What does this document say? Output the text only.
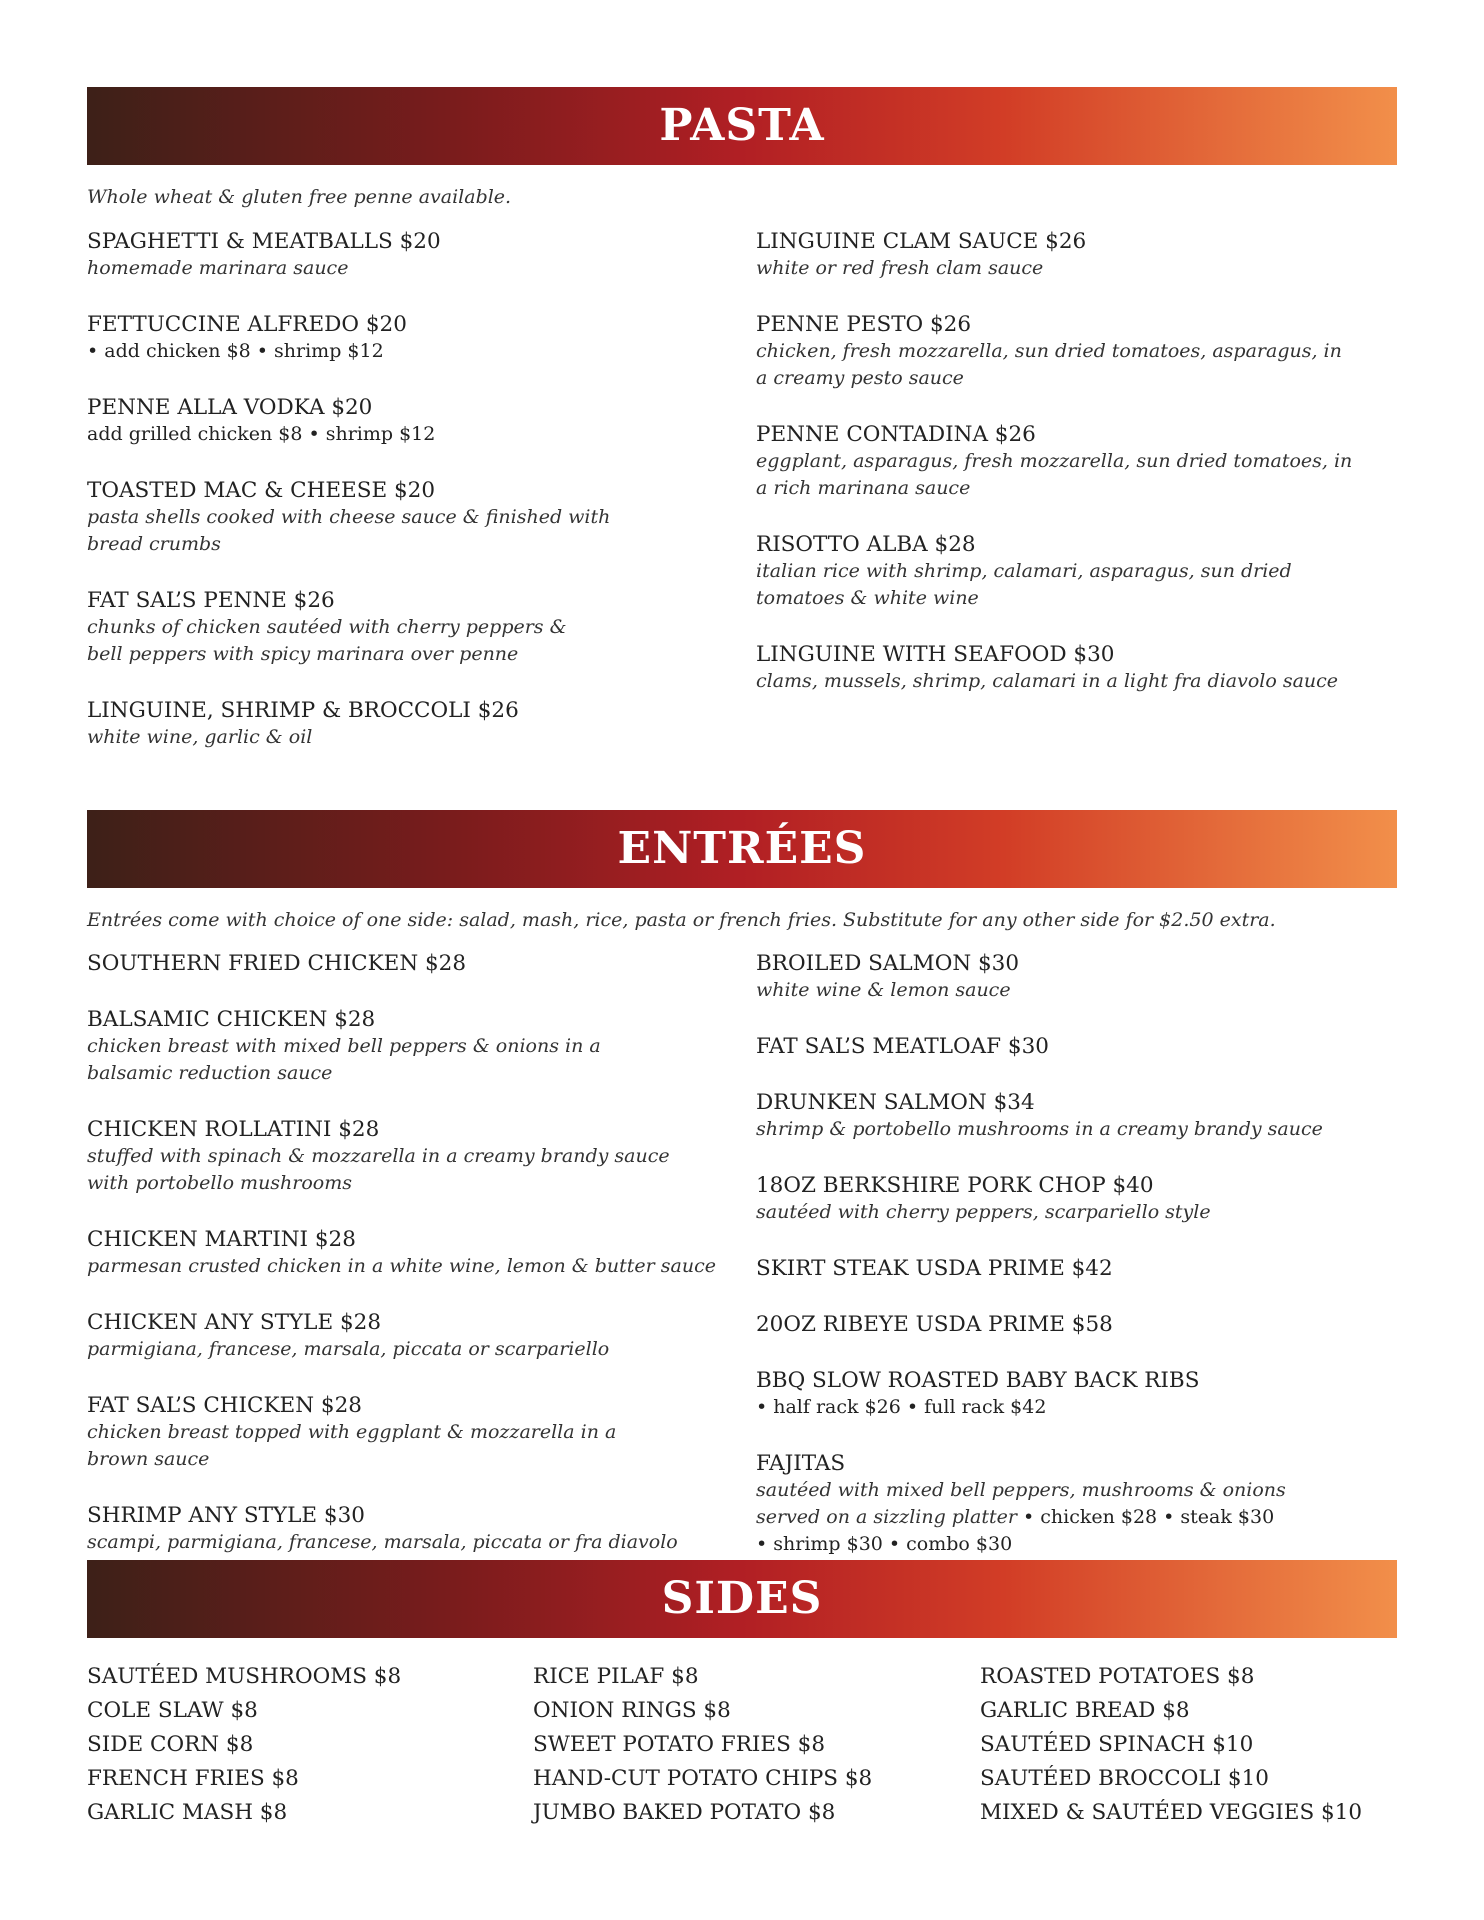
PASTA
Whole wheat & gluten free penne available.
SPAGHETTI & MEATBALLS $20
homemade marinara sauce
FETTUCCINE ALFREDO $20
• add chicken $8 • shrimp $12
PENNE ALLA VODKA $20
add grilled chicken $8 • shrimp $12
TOASTED MAC & CHEESE $20
pasta shells cooked with cheese sauce & finished with bread crumbs
FAT SAL’S PENNE $26
chunks of chicken sautéed with cherry peppers & bell peppers with spicy marinara over penne
LINGUINE, SHRIMP & BROCCOLI $26
white wine, garlic & oil
LINGUINE CLAM SAUCE $26
white or red fresh clam sauce
PENNE PESTO $26
chicken, fresh mozzarella, sun dried tomatoes, asparagus, in a creamy pesto sauce
PENNE CONTADINA $26
eggplant, asparagus, fresh mozzarella, sun dried tomatoes, in a rich marinana sauce
RISOTTO ALBA $28
italian rice with shrimp, calamari, asparagus, sun dried tomatoes & white wine
LINGUINE WITH SEAFOOD $30
clams, mussels, shrimp, calamari in a light fra diavolo sauce
ENTRÉES
Entrées come with choice of one side: salad, mash, rice, pasta or french fries. Substitute for any other side for $2.50 extra.
SOUTHERN FRIED CHICKEN $28
BALSAMIC CHICKEN $28
chicken breast with mixed bell peppers & onions in a balsamic reduction sauce
CHICKEN ROLLATINI $28
stuffed with spinach & mozzarella in a creamy brandy sauce with portobello mushrooms
CHICKEN MARTINI $28
parmesan crusted chicken in a white wine, lemon & butter sauce
CHICKEN ANY STYLE $28
parmigiana, francese, marsala, piccata or scarpariello
FAT SAL’S CHICKEN $28
chicken breast topped with eggplant & mozzarella in a brown sauce
SHRIMP ANY STYLE $30
scampi, parmigiana, francese, marsala, piccata or fra diavolo
BROILED SALMON $30
white wine & lemon sauce
FAT SAL’S MEATLOAF $30
DRUNKEN SALMON $34
shrimp & portobello mushrooms in a creamy brandy sauce
18OZ BERKSHIRE PORK CHOP $40
sautéed with cherry peppers, scarpariello style
SKIRT STEAK USDA PRIME $42
20OZ RIBEYE USDA PRIME $58
BBQ SLOW ROASTED BABY BACK RIBS
• half rack $26 • full rack $42
FAJITAS
sautéed with mixed bell peppers, mushrooms & onions
served on a sizzling platter • chicken $28 • steak $30
• shrimp $30 • combo $30
SIDES
SAUTÉED MUSHROOMS $8
COLE SLAW $8
SIDE CORN $8
FRENCH FRIES $8
GARLIC MASH $8
RICE PILAF $8
ONION RINGS $8
SWEET POTATO FRIES $8
HAND-CUT POTATO CHIPS $8
JUMBO BAKED POTATO $8
ROASTED POTATOES $8
GARLIC BREAD $8
SAUTÉED SPINACH $10
SAUTÉED BROCCOLI $10
MIXED & SAUTÉED VEGGIES $10
